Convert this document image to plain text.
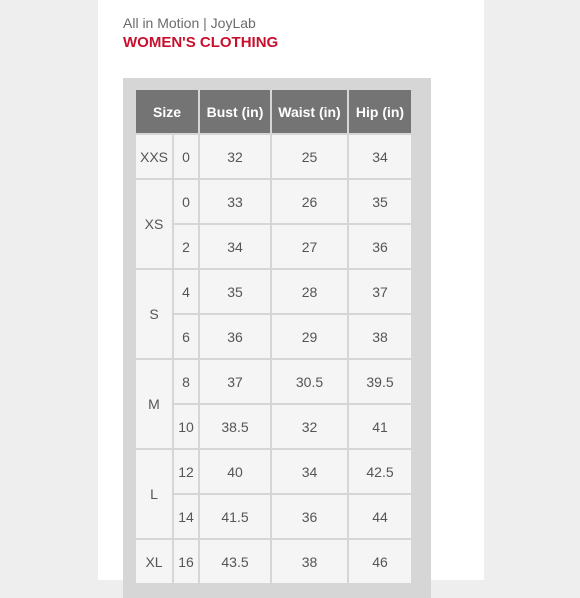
All in Motion | JoyLab
WOMEN'S CLOTHING
Size		Bust (in)	Waist (in)	Hip (in)
XXS	0	32	25	34
XS	0	33	26	35
	2	34	27	36
S	4	35	28	37
	6	36	29	38
M	8	37	30.5	39.5
	10	38.5	32	41
L	12	40	34	42.5
	14	41.5	36	44
XL	16	43.5	38	46
